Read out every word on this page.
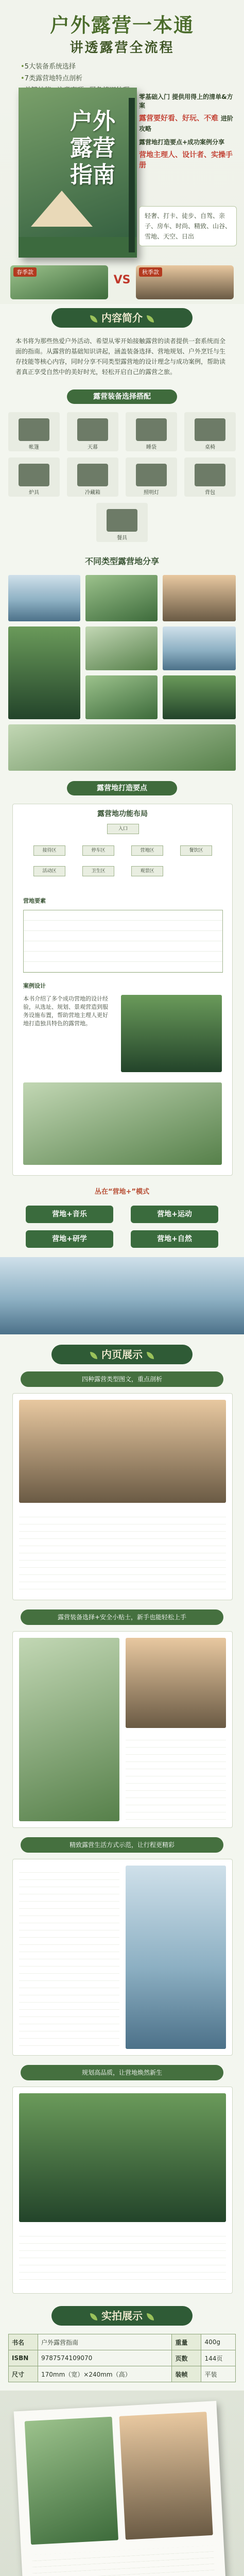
户外露营一本通
讲透露营全流程
• 5大装备系统选择
• 7类露营地特点剖析
•
户外
露营
指南
零基础入门 提供用得上的清单&方案
露营要好看、好玩、不难 进阶攻略
露营地打造要点+成功案例分享
营地主理人、设计者、实操手册
轻奢、打卡、徒步、自驾、亲子、房车、时尚、精致、山谷、雪地、天空、日出
春季款
VS
秋季款
内容简介
本书将为那些热爱户外活动、希望从零开始接触露营的读者提供一套系统而全面的指南。从露营的基础知识讲起，涵盖装备选择、营地规划、户外烹饪与生存技能等核心内容，同时分享不同类型露营地的设计理念与成功案例，帮助读者真正享受自然中的美好时光，轻松开启自己的露营之旅。
露营装备选择搭配
帐篷	天幕	睡袋	桌椅
炉具	冷藏箱	照明灯	背包
餐具
不同类型露营地分享
露营地打造要点
露营地功能布局
入口
接待区	停车区	营地区	餐饮区
活动区	卫生区	观景区
营地要素
案例设计
本书介绍了多个成功营地的设计经验，从选址、规划、景观营造到服务设施布置，帮助营地主理人更好地打造独具特色的露营地。
丛在“营地+”模式
营地+音乐	营地+运动
营地+研学	营地+自然
内页展示
四种露营类型图文，重点剖析
露营装备选择+安全小贴士，新手也能轻松上手
精致露营生活方式示范，让行程更精彩
规划高品质，让营地焕然新生
实拍展示
书名	户外露营指南	重量	400g
ISBN	9787574109070	页数	144页
尺寸	170mm（宽）×240mm（高）	装帧	平装
